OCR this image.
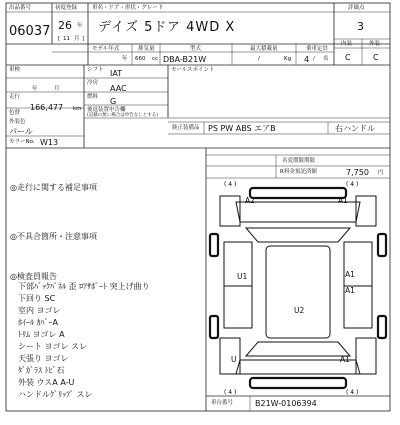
出品番号
06037
初度登録
26 年
[ 11 月 ]
車名・ドア・形状・グレード
デイズ 5ドア 4WD X
評価点
3
内装	外装
C	C
モデル年式
年
排気量
660 cc
型式
DBA-B21W
最大積載量
/	Kg
乗車定員
4 / 名
車検
年	月
走行
166,477 km
色替
外装色
パール
カラーNo. W13
シフト IAT
冷房
AAC
燃料 G
後退装置申告欄
(記載の無い場合は申告なしとする)
セールスポイント
純正装備品 PS PW ABS エアB	右ハンドル
◎走行に関する補足事項
◎不具合箇所・注意事項
◎検査員報告
下部ﾊﾞｯｸﾊﾟﾈﾙ 歪 ﾛｱｻﾎﾟｰﾄ 突上げ曲り
下回り SC
室内 ヨゴレ
ﾎｲｰﾙ ｶﾊﾞｰA
ﾄﾘﾑ ヨゴレ A
シート ヨゴレ スレ
天張り ヨゴレ
ﾀﾞｶﾞﾗｽ ﾄﾋﾞ石
外装 ウスA A-U
ハンドルｸﾞﾘｯﾌﾟ スレ
名変期限期限
R料金預託済額	7,750 円
( 4 )	( 4 )
( 4 )	( 4 )
A2	A1
U1	A1
A1
U2
U	A1
車台番号	B21W-0106394
